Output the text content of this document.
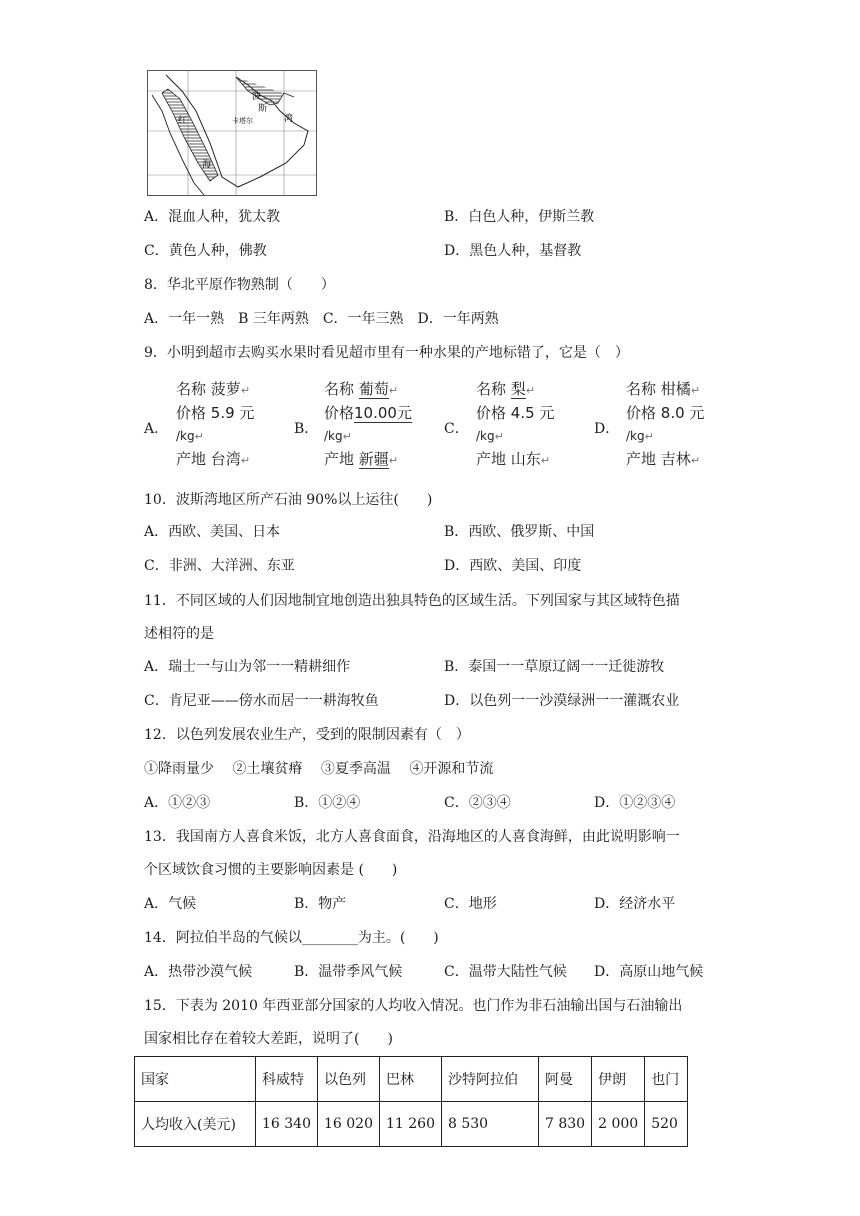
波
斯
湾
卡塔尔
红
海
A．混血人种，犹太教	B．白色人种，伊斯兰教
C．黄色人种，佛教	D．黑色人种，基督教
8．华北平原作物熟制（　　）
A．一年一熟　B 三年两熟　C．一年三熟　D．一年两熟
9．小明到超市去购买水果时看见超市里有一种水果的产地标错了，它是（　）
A．
名称 菠萝↵
价格 5.9 元
/kg↵
产地 台湾↵
B．
名称 葡萄↵
价格10.00元
/kg↵
产地 新疆↵
C．
名称 梨↵
价格 4.5 元
/kg↵
产地 山东↵
D．
名称 柑橘↵
价格 8.0 元
/kg↵
产地 吉林↵
10．波斯湾地区所产石油 90%以上运往(　　)
A．西欧、美国、日本	B．西欧、俄罗斯、中国
C．非洲、大洋洲、东亚	D．西欧、美国、印度
11．不同区域的人们因地制宜地创造出独具特色的区域生活。下列国家与其区域特色描
述相符的是
A．瑞士一与山为邻一一精耕细作	B．泰国一一草原辽阔一一迁徙游牧
C．肯尼亚——傍水而居一一耕海牧鱼	D．以色列一一沙漠绿洲一一灌溉农业
12．以色列发展农业生产，受到的限制因素有（　）
①降雨量少　 ②土壤贫瘠　 ③夏季高温　 ④开源和节流
A．①②③	B．①②④	C．②③④	D．①②③④
13．我国南方人喜食米饭，北方人喜食面食，沿海地区的人喜食海鲜，由此说明影响一
个区域饮食习惯的主要影响因素是 (　　)
A．气候	B．物产	C．地形	D．经济水平
14．阿拉伯半岛的气候以________为主。(　　)
A．热带沙漠气候	B．温带季风气候	C．温带大陆性气候 D．高原山地气候
15．下表为 2010 年西亚部分国家的人均收入情况。也门作为非石油输出国与石油输出
国家相比存在着较大差距，说明了(　　)
国家	科威特	以色列	巴林	沙特阿拉伯	阿曼	伊朗	也门
人均收入(美元)	16 340	16 020	11 260	8 530	7 830	2 000	520
